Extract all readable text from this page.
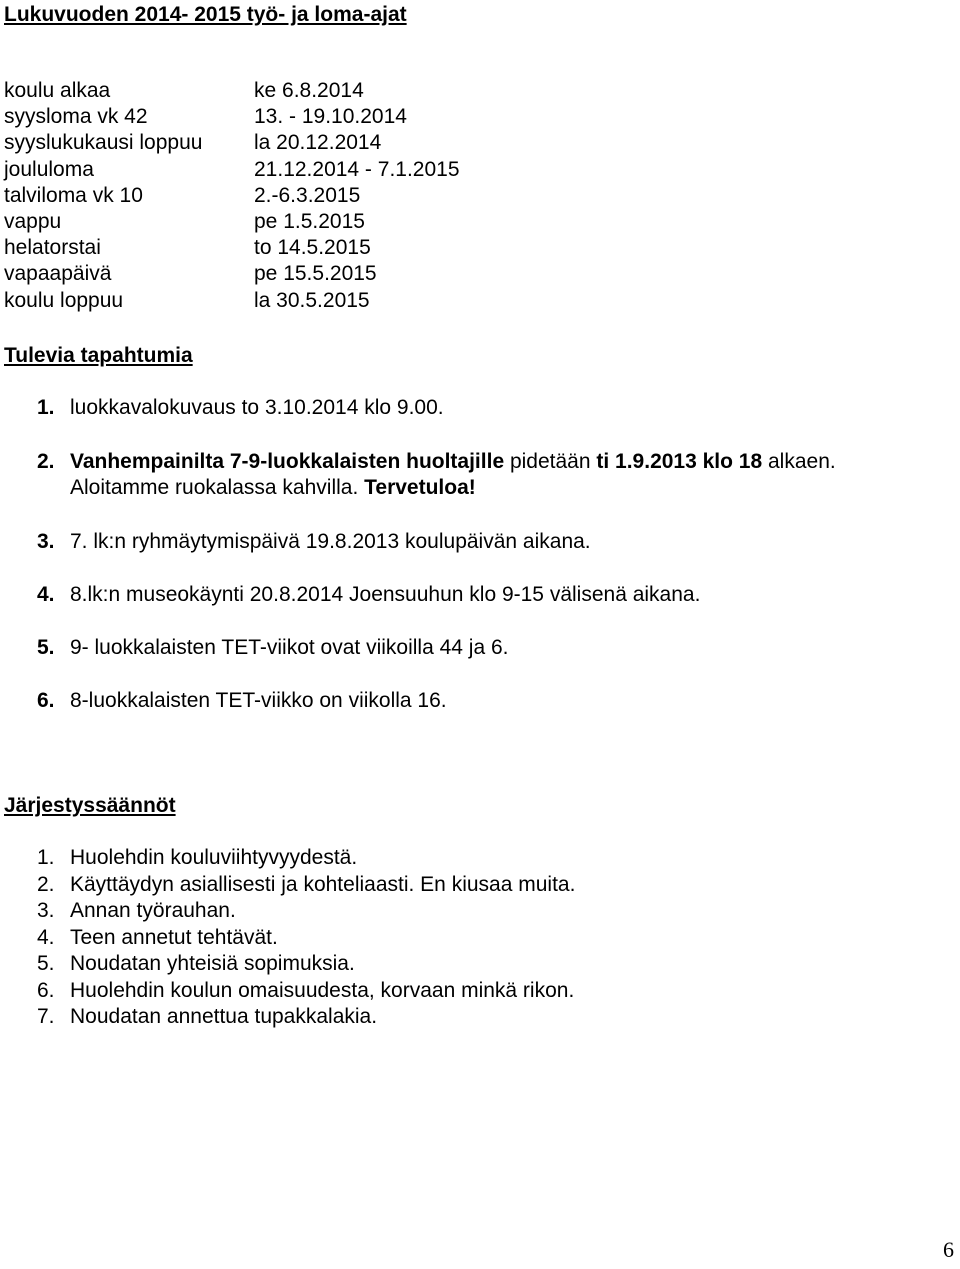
Lukuvuoden 2014- 2015 työ- ja loma-ajat
koulu alkaa	ke 6.8.2014
syysloma vk 42	13. - 19.10.2014
syyslukukausi loppuu la 20.12.2014
joululoma	21.12.2014 - 7.1.2015
talviloma vk 10	2.-6.3.2015
vappu	pe 1.5.2015
helatorstai	to 14.5.2015
vapaapäivä	pe 15.5.2015
koulu loppuu	la 30.5.2015
Tulevia tapahtumia
1. luokkavalokuvaus to 3.10.2014 klo 9.00.
2. Vanhempainilta 7-9-luokkalaisten huoltajille pidetään ti 1.9.2013 klo 18 alkaen.
Aloitamme ruokalassa kahvilla. Tervetuloa!
3. 7. lk:n ryhmäytymispäivä 19.8.2013 koulupäivän aikana.
4. 8.lk:n museokäynti 20.8.2014 Joensuuhun klo 9-15 välisenä aikana.
5. 9- luokkalaisten TET-viikot ovat viikoilla 44 ja 6.
6. 8-luokkalaisten TET-viikko on viikolla 16.
Järjestyssäännöt
1. Huolehdin kouluviihtyvyydestä.
2. Käyttäydyn asiallisesti ja kohteliaasti. En kiusaa muita.
3. Annan työrauhan.
4. Teen annetut tehtävät.
5. Noudatan yhteisiä sopimuksia.
6. Huolehdin koulun omaisuudesta, korvaan minkä rikon.
7. Noudatan annettua tupakkalakia.
6
